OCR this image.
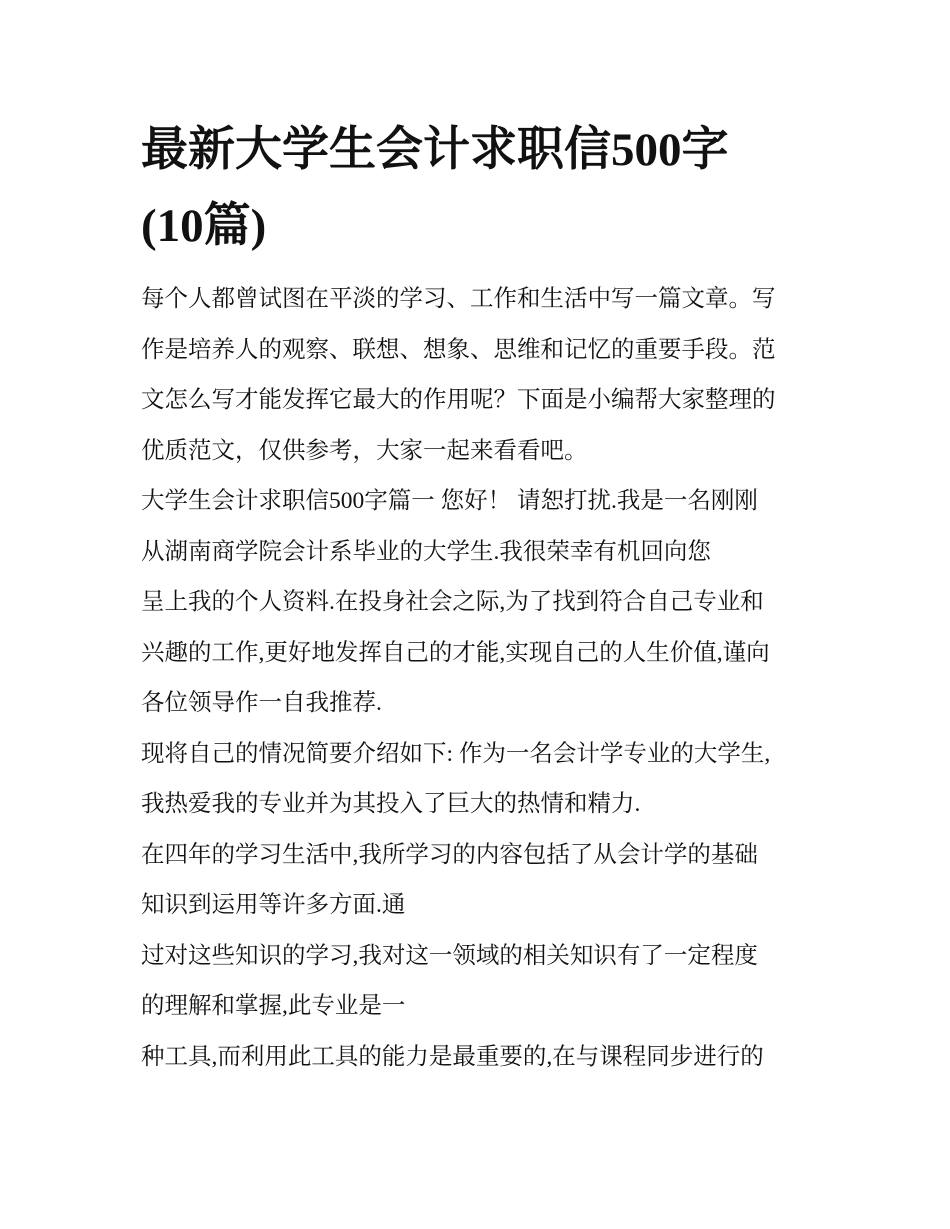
最新大学生会计求职信500字
(10篇)

每个人都曾试图在平淡的学习、工作和生活中写一篇文章。写
作是培养人的观察、联想、想象、思维和记忆的重要手段。范
文怎么写才能发挥它最大的作用呢？下面是小编帮大家整理的
优质范文，仅供参考，大家一起来看看吧。

大学生会计求职信500字篇一 您好！ 请恕打扰.我是一名刚刚
从湖南商学院会计系毕业的大学生.我很荣幸有机回向您

呈上我的个人资料.在投身社会之际,为了找到符合自己专业和
兴趣的工作,更好地发挥自己的才能,实现自己的人生价值,谨向
各位领导作一自我推荐.

现将自己的情况简要介绍如下: 作为一名会计学专业的大学生,
我热爱我的专业并为其投入了巨大的热情和精力.

在四年的学习生活中,我所学习的内容包括了从会计学的基础
知识到运用等许多方面.通

过对这些知识的学习,我对这一领域的相关知识有了一定程度
的理解和掌握,此专业是一

种工具,而利用此工具的能力是最重要的,在与课程同步进行的
